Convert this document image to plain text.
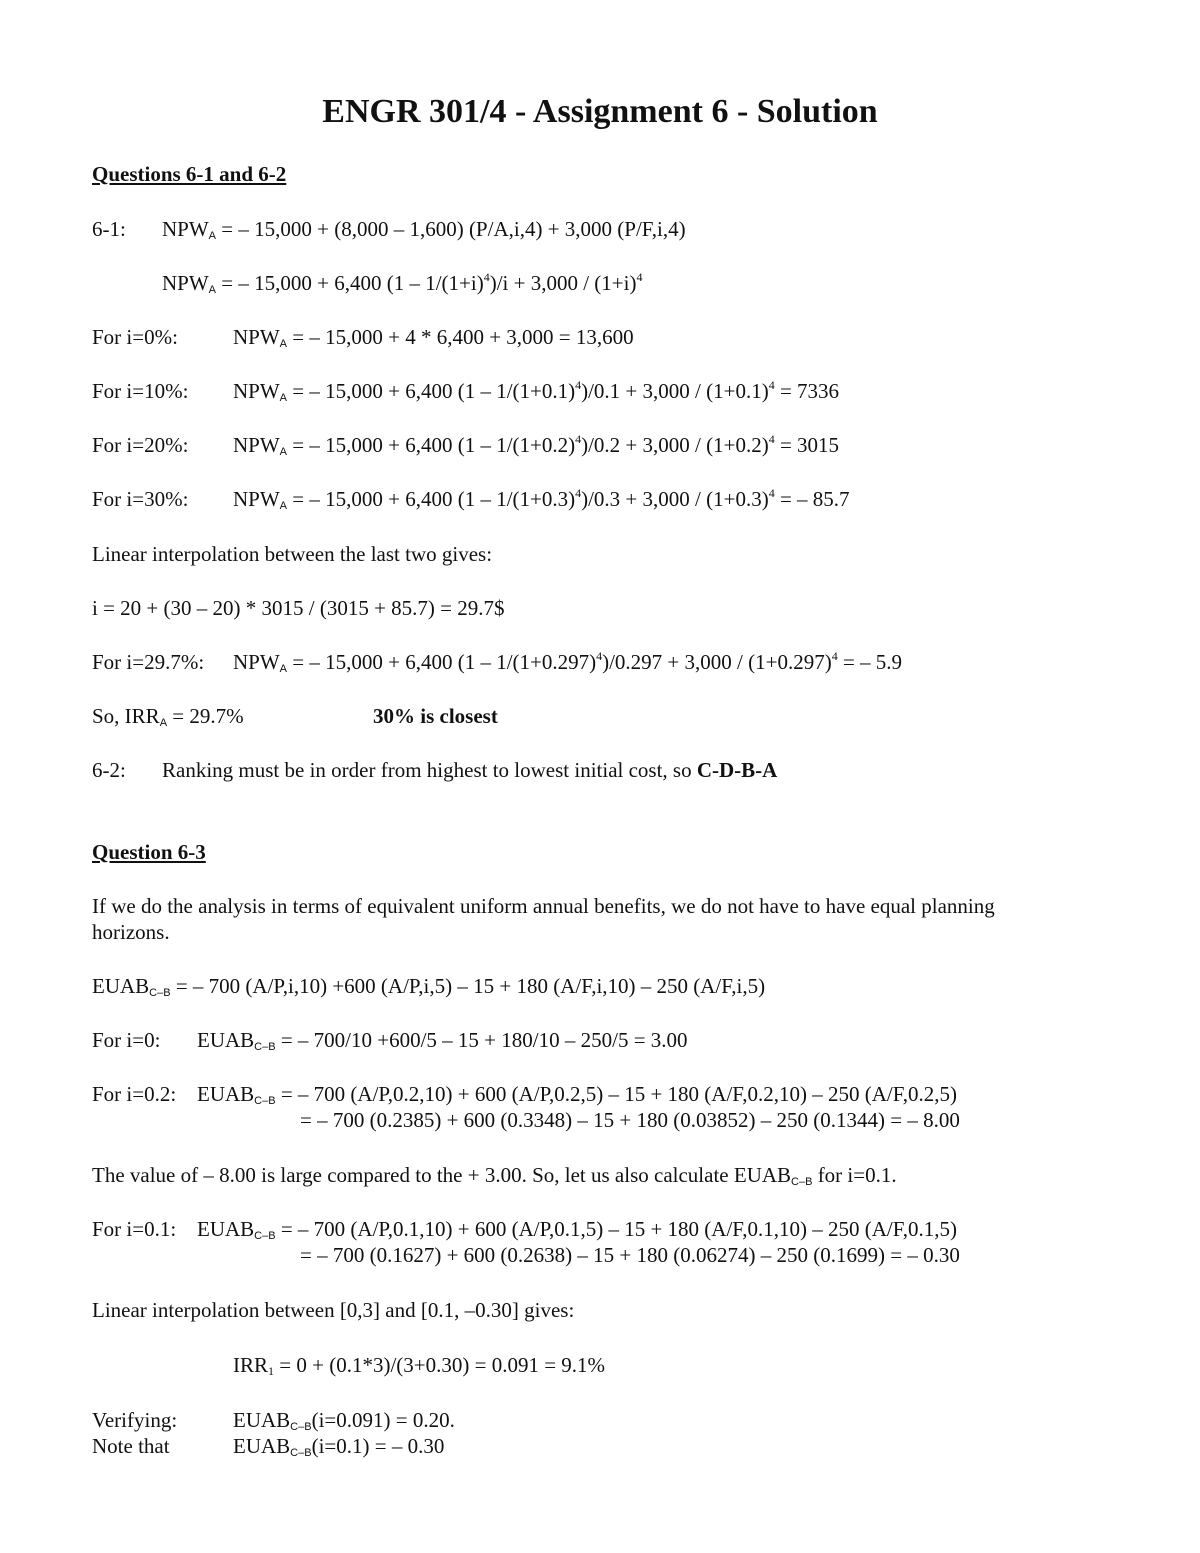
ENGR 301/4 - Assignment 6 - Solution
Questions 6-1 and 6-2
6-1: $NPW_A$ = – 15,000 + (8,000 – 1,600) (P/A,i,4) + 3,000 (P/F,i,4)
$NPW_A$ = – 15,000 + 6,400 $(1 - 1/(1+i)^4)/i + 3,000 / (1+i)^4$
For i=0%:	$NPW_A$ = – 15,000 + 4 * 6,400 + 3,000 = 13,600
For i=10%: $NPW_A$ = – 15,000 + 6,400 $(1 - 1/(1+0.1)^4)/0.1 + 3,000 / (1+0.1)^4 = 7336$
For i=20%: $NPW_A$ = – 15,000 + 6,400 $(1 - 1/(1+0.2)^4)/0.2 + 3,000 / (1+0.2)^4 = 3015$
For i=30%: $NPW_A$ = – 15,000 + 6,400 $(1 - 1/(1+0.3)^4)/0.3 + 3,000 / (1+0.3)^4$ = – 85.7
Linear interpolation between the last two gives:
i = 20 + (30 – 20) * 3015 / (3015 + 85.7) = 29.7$
For i=29.7%: $NPW_A$ = – 15,000 + 6,400 $(1 - 1/(1+0.297)^4)/0.297 + 3,000 / (1+0.297)^4$ = – 5.9
So, $IRR_A = 29.7\%$	30% is closest
6-2: Ranking must be in order from highest to lowest initial cost, so C-D-B-A
Question 6-3
If we do the analysis in terms of equivalent uniform annual benefits, we do not have to have equal planning
horizons.
$EUAB_{C-B}$ = – 700 (A/P,i,10) +600 (A/P,i,5) – 15 + 180 (A/F,i,10) – 250 (A/F,i,5)
For i=0: $EUAB_{C-B}$ = – 700/10 +600/5 – 15 + 180/10 – 250/5 = 3.00
For i=0.2: $EUAB_{C-B}$ = – 700 (A/P,0.2,10) + 600 (A/P,0.2,5) – 15 + 180 (A/F,0.2,10) – 250 (A/F,0.2,5)
= – 700 (0.2385) + 600 (0.3348) – 15 + 180 (0.03852) – 250 (0.1344) = – 8.00
The value of – 8.00 is large compared to the + 3.00. So, let us also calculate $EUAB_{C-B}$ for i=0.1.
For i=0.1: $EUAB_{C-B}$ = – 700 (A/P,0.1,10) + 600 (A/P,0.1,5) – 15 + 180 (A/F,0.1,10) – 250 (A/F,0.1,5)
= – 700 (0.1627) + 600 (0.2638) – 15 + 180 (0.06274) – 250 (0.1699) = – 0.30
Linear interpolation between [0,3] and [0.1, –0.30] gives:
$IRR_1 = 0 + (0.1*3)/(3+0.30) = 0.091 = 9.1\%$
Verifying:	$EUAB_{C-B}(i=0.091) = 0.20$.
Note that	$EUAB_{C-B}(i=0.1)$ = – 0.30
